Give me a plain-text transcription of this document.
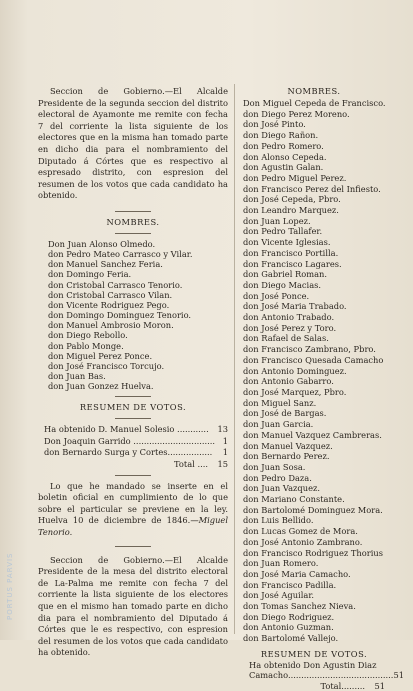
PORTUS PARVIS

Seccion de Gobierno.—El Alcalde Presidente de la segunda seccion del distrito electoral de Ayamonte me remite con fecha 7 del corriente la lista siguiente de los electores que en la misma han tomado parte en dicho dia para el nombramiento del Diputado á Córtes que es respectivo al espresado distrito, con espresion del resumen de los votos que cada candidato ha obtenido.

NOMBRES.
Don Juan Alonso Olmedo.
don Pedro Mateo Carrasco y Vilar.
don Manuel Sanchez Feria.
don Domingo Feria.
don Cristobal Carrasco Tenorio.
don Cristobal Carrasco Vilan.
don Vicente Rodriguez Pego.
don Domingo Dominguez Tenorio.
don Manuel Ambrosio Moron.
don Diego Rebollo.
don Pablo Monge.
don Miguel Perez Ponce.
don José Francisco Torcujo.
don Juan Bas.
don Juan Gonzez Huelva.
RESUMEN DE VOTOS.
Ha obtenido D. Manuel Solesio ............	13
Don Joaquin Garrido ............................... 1
don Bernardo Surga y Cortes.................	1
Total ....	15

Lo que he mandado se inserte en el boletin oficial en cumplimiento de lo que sobre el particular se previene en la ley. Huelva 10 de diciembre de 1846.—Miguel Tenorio.

Seccion de Gobierno.—El Alcalde Presidente de la mesa del distrito electoral de La-Palma me remite con fecha 7 del corriente la lista siguiente de los electores que en el mismo han tomado parte en dicho dia para el nombramiento del Diputado á Córtes que le es respectivo, con espresion del resumen de los votos que cada candidato ha obtenido.

NOMBRES.
Don Miguel Cepeda de Francisco.
don Diego Perez Moreno.
don José Pinto.
don Diego Rañon.
don Pedro Romero.
don Alonso Cepeda.
don Agustin Galan.
don Pedro Miguel Perez.
don Francisco Perez del Infiesto.
don José Cepeda, Pbro.
don Leandro Marquez.
don Juan Lopez.
don Pedro Tallafer.
don Vicente Iglesias.
don Francisco Portilla.
don Francisco Lagares.
don Gabriel Roman.
don Diego Macias.
don José Ponce.
don José Maria Trabado.
don Antonio Trabado.
don José Perez y Toro.
don Rafael de Salas.
don Francisco Zambrano, Pbro.
don Francisco Quesada Camacho
don Antonio Dominguez.
don Antonio Gabarro.
don José Marquez, Pbro.
don Miguel Sanz.
don José de Bargas.
don Juan Garcia.
don Manuel Vazquez Cambreras.
don Manuel Vazquez.
don Bernardo Perez.
don Juan Sosa.
don Pedro Daza.
don Juan Vazquez.
don Mariano Constante.
don Bartolomé Dominguez Mora.
don Luis Bellido.
don Lucas Gomez de Mora.
don José Antonio Zambrano.
don Francisco Rodriguez Thorius
don Juan Romero.
don José Maria Camacho.
don Francisco Padilla.
don José Aguilar.
don Tomas Sanchez Nieva.
don Diego Rodriguez.
don Antonio Guzman.
don Bartolomé Vallejo.
RESUMEN DE VOTOS.
Ha obtenido Don Agustin Diaz
Camacho........................................ 51
Total.........	51
